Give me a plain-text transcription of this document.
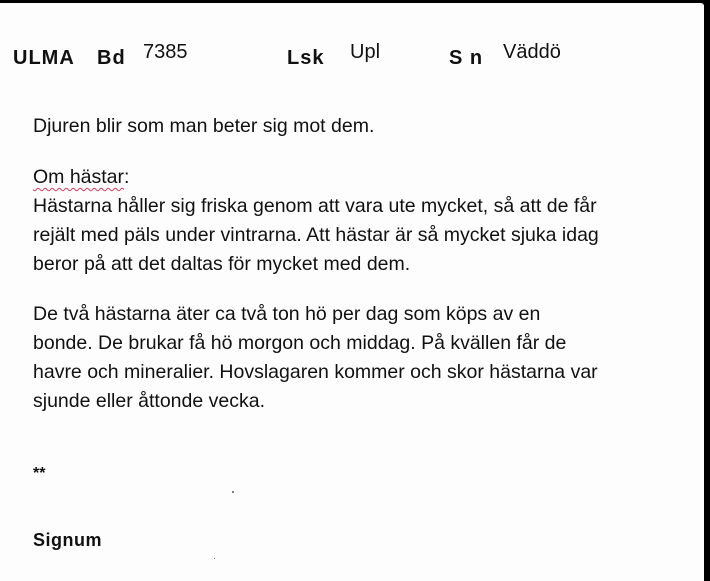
ULMA Bd 7385	Lsk Upl	S n Väddö

Djuren blir som man beter sig mot dem.

Om hästar:

Hästarna håller sig friska genom att vara ute mycket, så att de får

rejält med päls under vintrarna. Att hästar är så mycket sjuka idag

beror på att det daltas för mycket med dem.

De två hästarna äter ca två ton hö per dag som köps av en

bonde. De brukar få hö morgon och middag. På kvällen får de

havre och mineralier. Hovslagaren kommer och skor hästarna var

sjunde eller åttonde vecka.

**
Signum
